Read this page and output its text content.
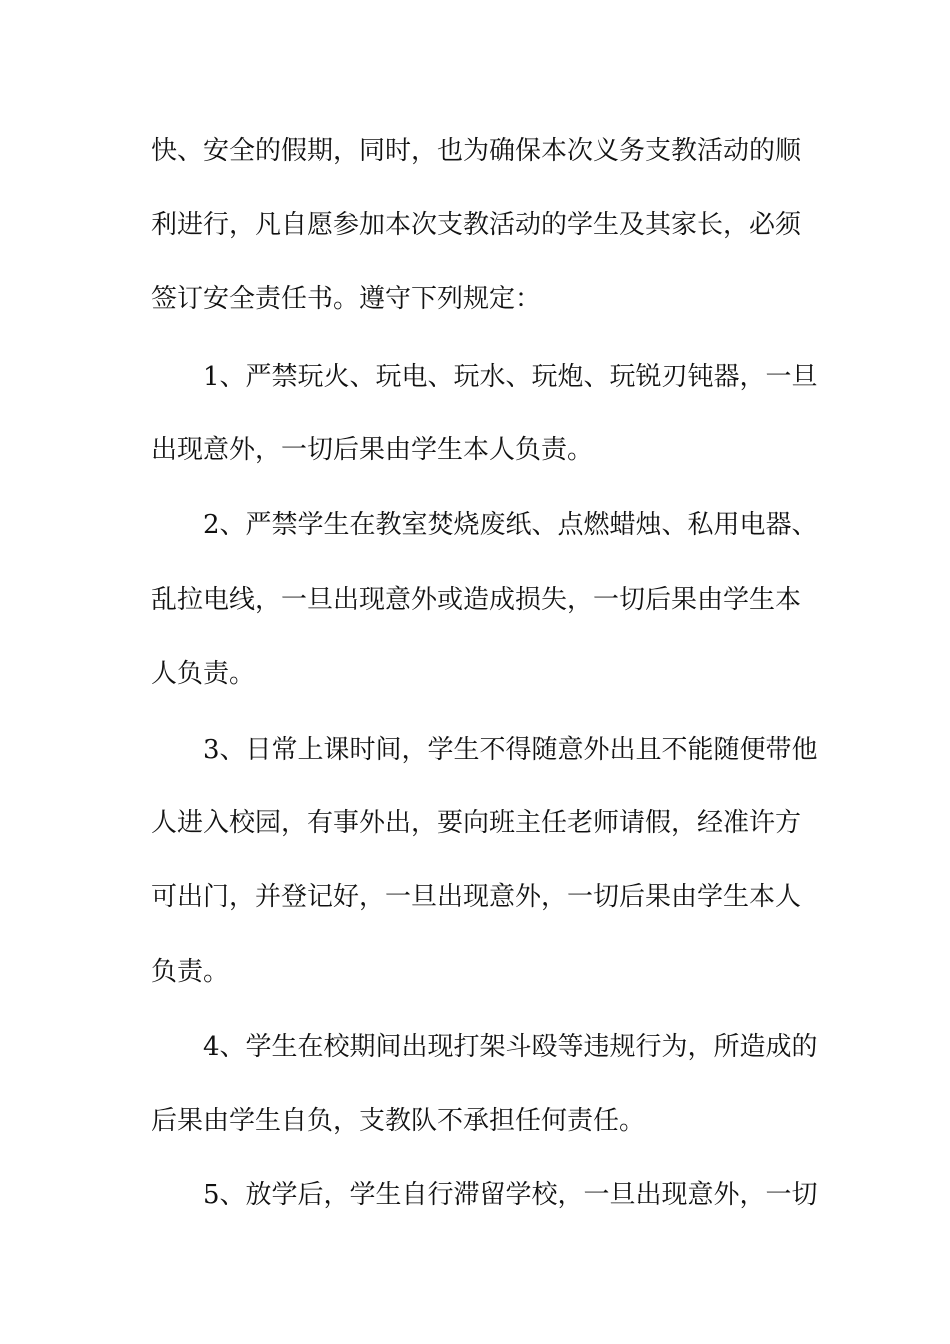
快、安全的假期，同时，也为确保本次义务支教活动的顺
利进行，凡自愿参加本次支教活动的学生及其家长，必须
签订安全责任书。遵守下列规定：
1、严禁玩火、玩电、玩水、玩炮、玩锐刃钝器，一旦
出现意外，一切后果由学生本人负责。
2、严禁学生在教室焚烧废纸、点燃蜡烛、私用电器、
乱拉电线，一旦出现意外或造成损失，一切后果由学生本
人负责。
3、日常上课时间，学生不得随意外出且不能随便带他
人进入校园，有事外出，要向班主任老师请假，经准许方
可出门，并登记好，一旦出现意外，一切后果由学生本人
负责。
4、学生在校期间出现打架斗殴等违规行为，所造成的
后果由学生自负，支教队不承担任何责任。
5、放学后，学生自行滞留学校，一旦出现意外，一切
